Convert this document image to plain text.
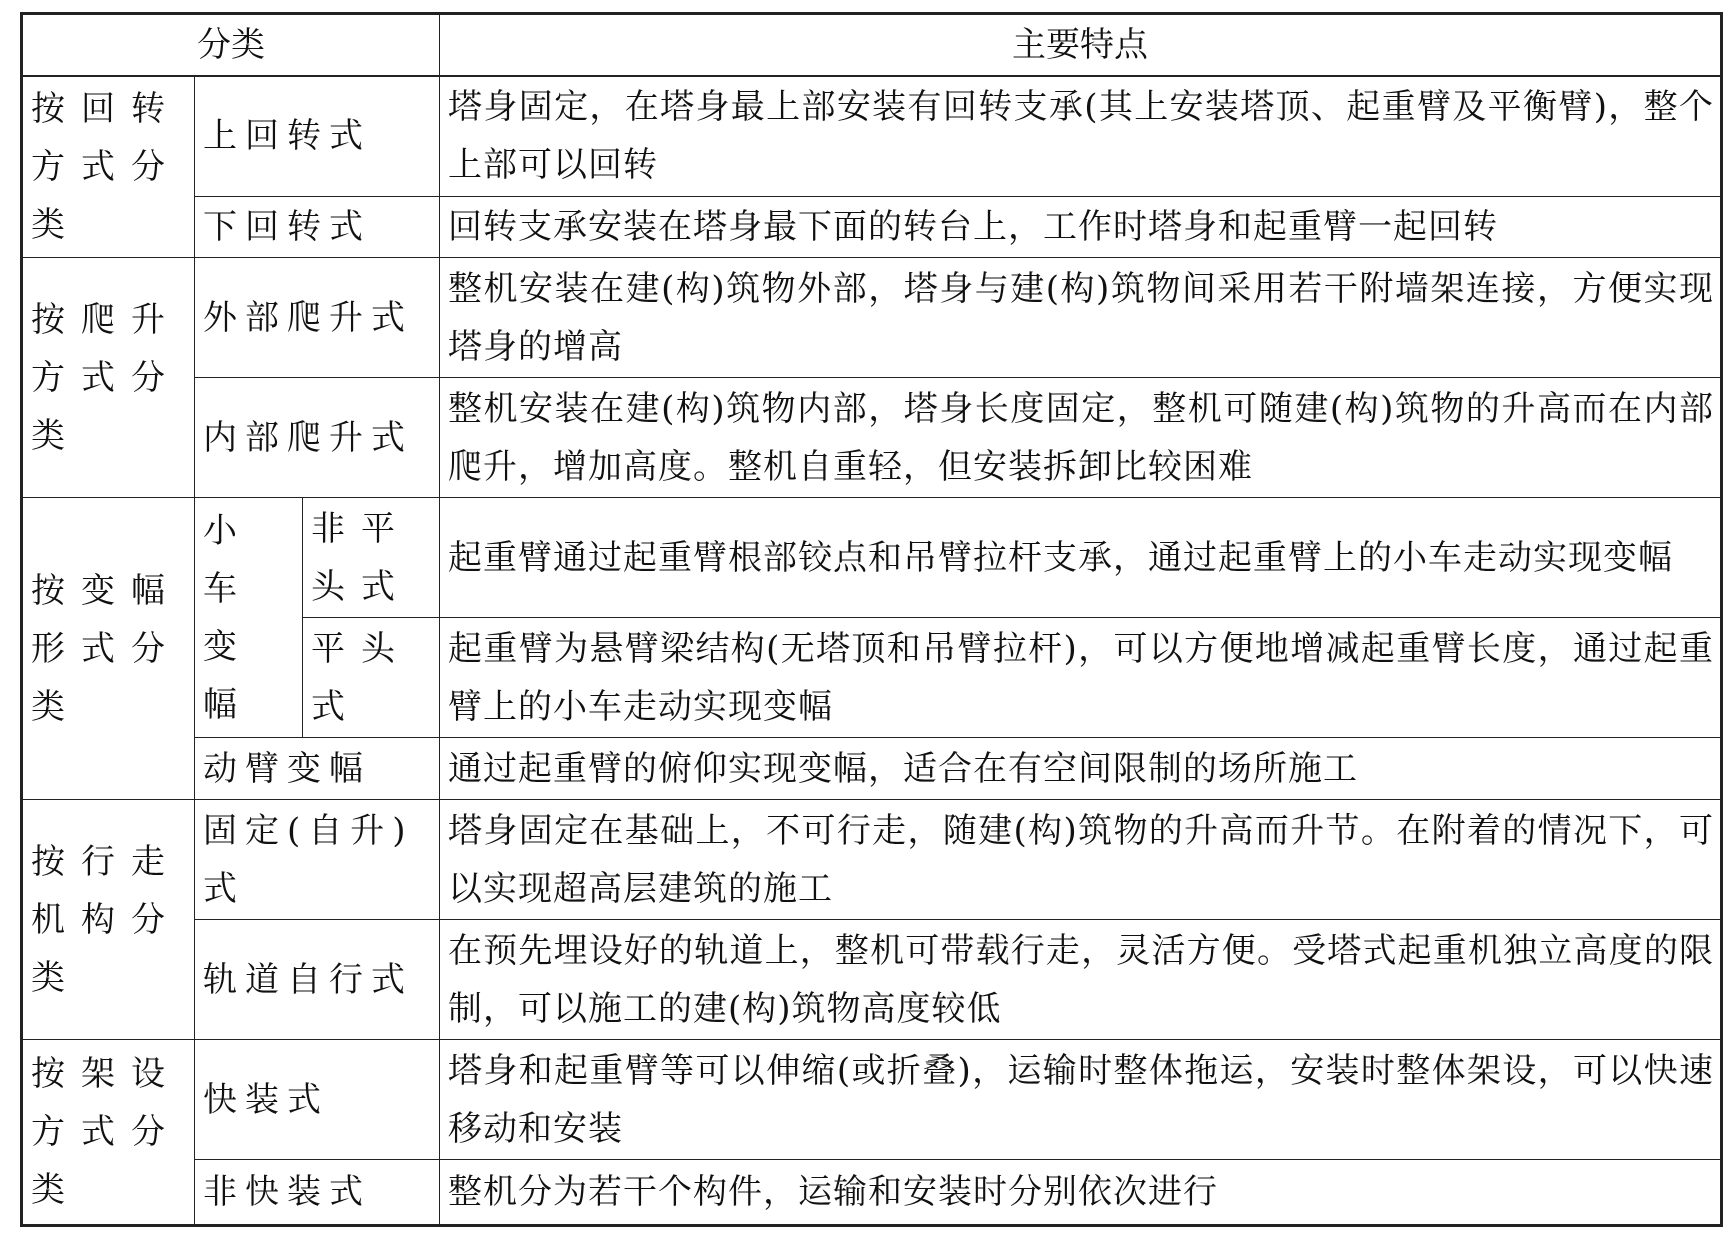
分类			主要特点
按回转方式分类	上回转式		塔身固定，在塔身最上部安装有回转支承(其上安装塔顶、起重臂及平衡臂)，整个上部可以回转
	下回转式		回转支承安装在塔身最下面的转台上，工作时塔身和起重臂一起回转
按爬升方式分类	外部爬升式		整机安装在建(构)筑物外部，塔身与建(构)筑物间采用若干附墙架连接，方便实现塔身的增高
	内部爬升式		整机安装在建(构)筑物内部，塔身长度固定，整机可随建(构)筑物的升高而在内部爬升，增加高度。整机自重轻，但安装拆卸比较困难
按变幅形式分类	小车变幅	非平头式	起重臂通过起重臂根部铰点和吊臂拉杆支承，通过起重臂上的小车走动实现变幅
		平头式	起重臂为悬臂梁结构(无塔顶和吊臂拉杆)，可以方便地增减起重臂长度，通过起重臂上的小车走动实现变幅
	动臂变幅		通过起重臂的俯仰实现变幅，适合在有空间限制的场所施工
按行走机构分类	固定(自升)式		塔身固定在基础上，不可行走，随建(构)筑物的升高而升节。在附着的情况下，可以实现超高层建筑的施工
	轨道自行式		在预先埋设好的轨道上，整机可带载行走，灵活方便。受塔式起重机独立高度的限制，可以施工的建(构)筑物高度较低
按架设方式分类	快装式		塔身和起重臂等可以伸缩(或折叠)，运输时整体拖运，安装时整体架设，可以快速移动和安装
	非快装式		整机分为若干个构件，运输和安装时分别依次进行
